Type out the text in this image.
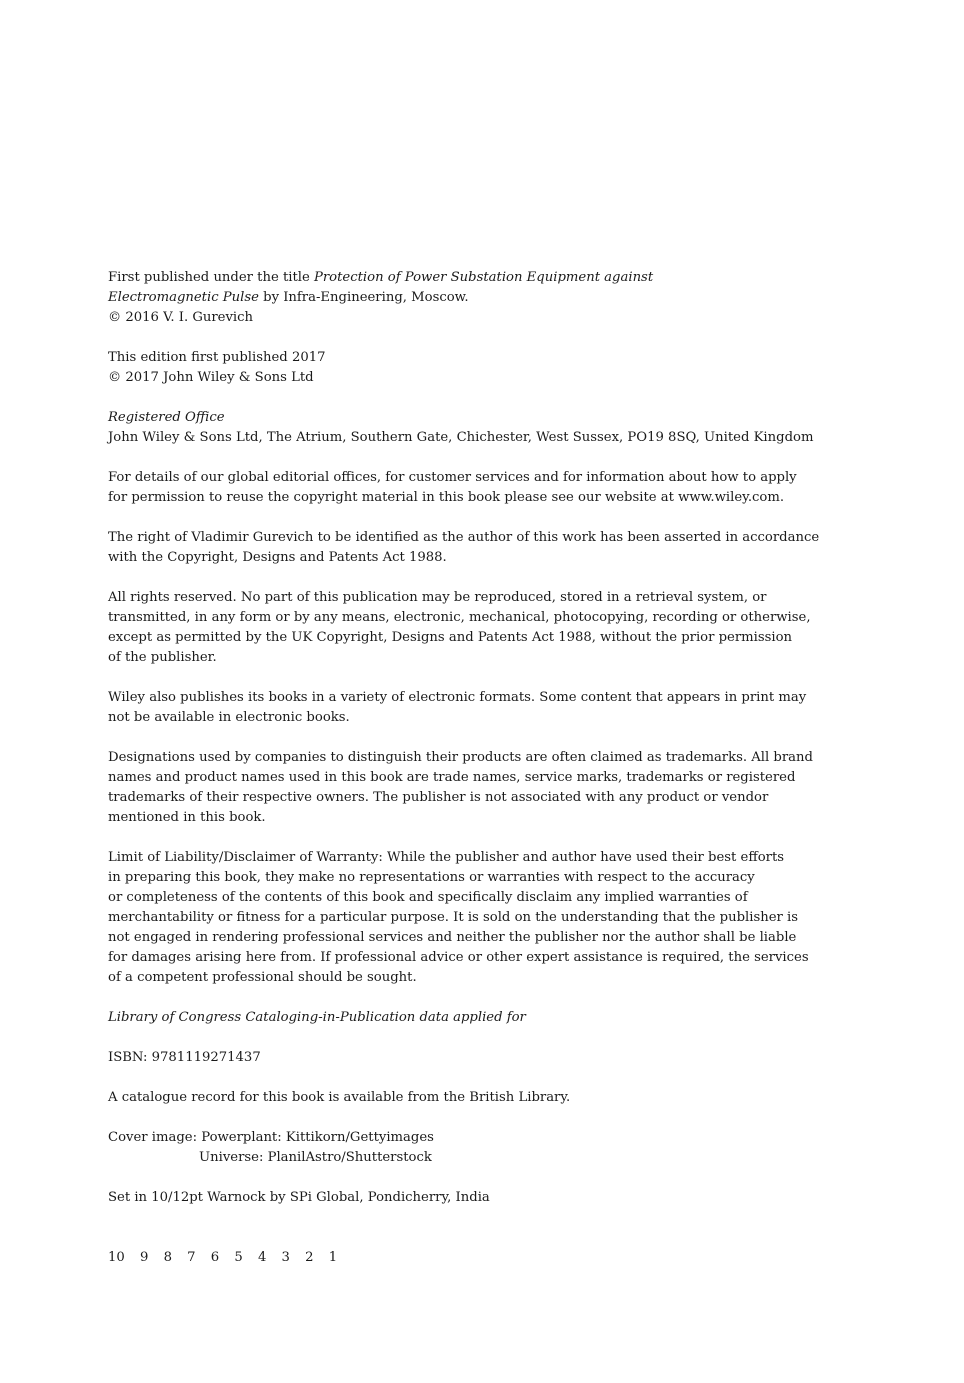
First published under the title Protection of Power Substation Equipment against
Electromagnetic Pulse by Infra-Engineering, Moscow.
© 2016 V. I. Gurevich
This edition first published 2017
© 2017 John Wiley & Sons Ltd
Registered Office
John Wiley & Sons Ltd, The Atrium, Southern Gate, Chichester, West Sussex, PO19 8SQ, United Kingdom
For details of our global editorial offices, for customer services and for information about how to apply
for permission to reuse the copyright material in this book please see our website at www.wiley.com.
The right of Vladimir Gurevich to be identified as the author of this work has been asserted in accordance
with the Copyright, Designs and Patents Act 1988.
All rights reserved. No part of this publication may be reproduced, stored in a retrieval system, or
transmitted, in any form or by any means, electronic, mechanical, photocopying, recording or otherwise,
except as permitted by the UK Copyright, Designs and Patents Act 1988, without the prior permission
of the publisher.
Wiley also publishes its books in a variety of electronic formats. Some content that appears in print may
not be available in electronic books.
Designations used by companies to distinguish their products are often claimed as trademarks. All brand
names and product names used in this book are trade names, service marks, trademarks or registered
trademarks of their respective owners. The publisher is not associated with any product or vendor
mentioned in this book.
Limit of Liability/Disclaimer of Warranty: While the publisher and author have used their best efforts
in preparing this book, they make no representations or warranties with respect to the accuracy
or completeness of the contents of this book and specifically disclaim any implied warranties of
merchantability or fitness for a particular purpose. It is sold on the understanding that the publisher is
not engaged in rendering professional services and neither the publisher nor the author shall be liable
for damages arising here from. If professional advice or other expert assistance is required, the services
of a competent professional should be sought.
Library of Congress Cataloging-in-Publication data applied for
ISBN: 9781119271437
A catalogue record for this book is available from the British Library.
Cover image: Powerplant: Kittikorn/Gettyimages
Universe: PlanilAstro/Shutterstock
Set in 10/12pt Warnock by SPi Global, Pondicherry, India
10 9 8 7 6 5 4 3 2 1
